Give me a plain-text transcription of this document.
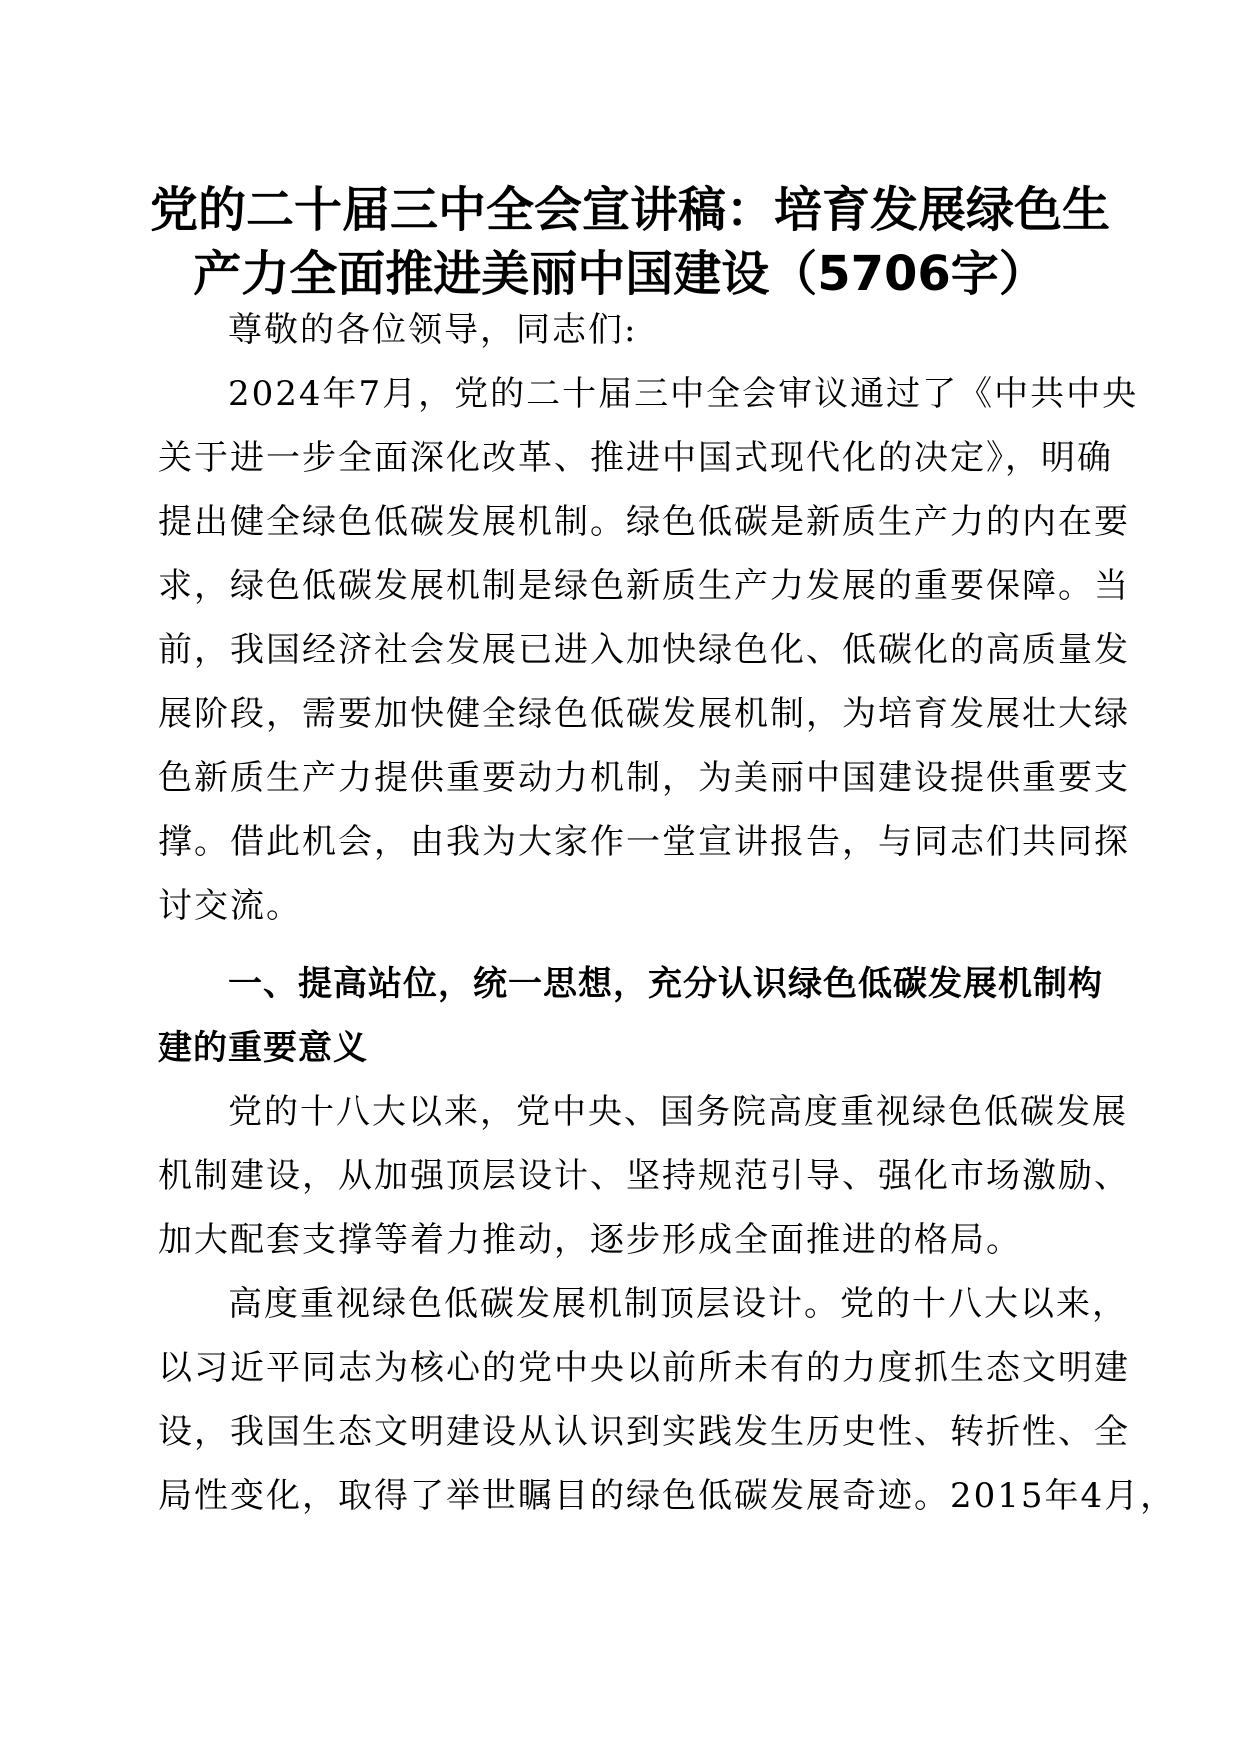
党的二十届三中全会宣讲稿：培育发展绿色生
产力全面推进美丽中国建设（5706字）
尊敬的各位领导，同志们:
2024年7月，党的二十届三中全会审议通过了《中共中央
关于进一步全面深化改革、推进中国式现代化的决定》，明确
提出健全绿色低碳发展机制。绿色低碳是新质生产力的内在要
求，绿色低碳发展机制是绿色新质生产力发展的重要保障。当
前，我国经济社会发展已进入加快绿色化、低碳化的高质量发
展阶段，需要加快健全绿色低碳发展机制，为培育发展壮大绿
色新质生产力提供重要动力机制，为美丽中国建设提供重要支
撑。借此机会，由我为大家作一堂宣讲报告，与同志们共同探
讨交流。
一、提高站位，统一思想，充分认识绿色低碳发展机制构
建的重要意义
党的十八大以来，党中央、国务院高度重视绿色低碳发展
机制建设，从加强顶层设计、坚持规范引导、强化市场激励、
加大配套支撑等着力推动，逐步形成全面推进的格局。
高度重视绿色低碳发展机制顶层设计。党的十八大以来，
以习近平同志为核心的党中央以前所未有的力度抓生态文明建
设，我国生态文明建设从认识到实践发生历史性、转折性、全
局性变化，取得了举世瞩目的绿色低碳发展奇迹。2015年4月，
